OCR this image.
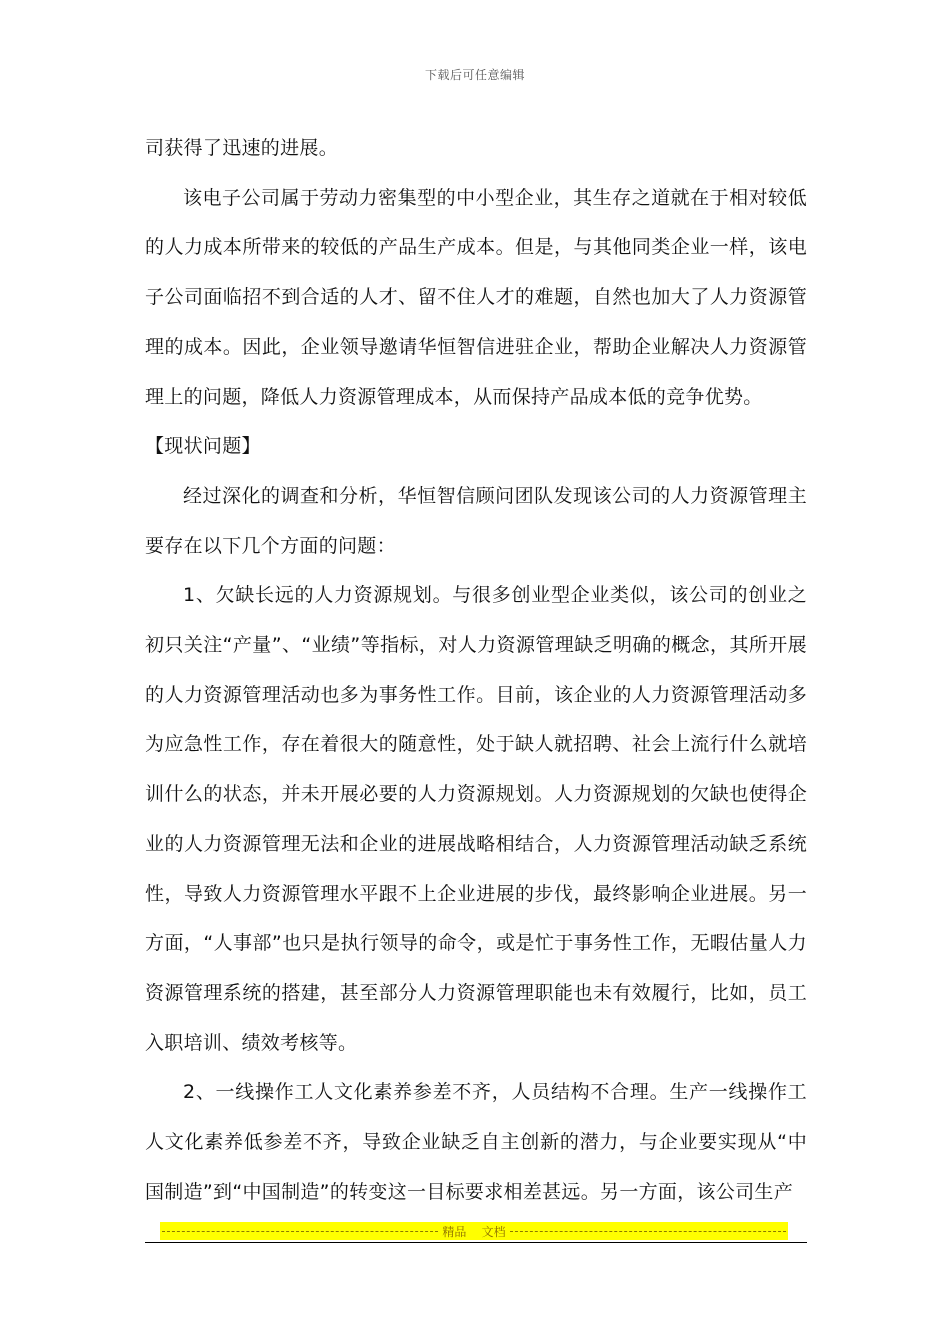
下载后可任意编辑

司获得了迅速的进展。

该电子公司属于劳动力密集型的中小型企业，其生存之道就在于相对较低的人力成本所带来的较低的产品生产成本。但是，与其他同类企业一样，该电子公司面临招不到合适的人才、留不住人才的难题，自然也加大了人力资源管理的成本。因此，企业领导邀请华恒智信进驻企业，帮助企业解决人力资源管理上的问题，降低人力资源管理成本，从而保持产品成本低的竞争优势。

【现状问题】

经过深化的调查和分析，华恒智信顾问团队发现该公司的人力资源管理主要存在以下几个方面的问题：

1、欠缺长远的人力资源规划。与很多创业型企业类似，该公司的创业之初只关注“产量”、“业绩”等指标，对人力资源管理缺乏明确的概念，其所开展的人力资源管理活动也多为事务性工作。目前，该企业的人力资源管理活动多为应急性工作，存在着很大的随意性，处于缺人就招聘、社会上流行什么就培训什么的状态，并未开展必要的人力资源规划。人力资源规划的欠缺也使得企业的人力资源管理无法和企业的进展战略相结合，人力资源管理活动缺乏系统性，导致人力资源管理水平跟不上企业进展的步伐，最终影响企业进展。另一方面，“人事部”也只是执行领导的命令，或是忙于事务性工作，无暇估量人力资源管理系统的搭建，甚至部分人力资源管理职能也未有效履行，比如，员工入职培训、绩效考核等。

2、一线操作工人文化素养参差不齐，人员结构不合理。生产一线操作工人文化素养低参差不齐，导致企业缺乏自主创新的潜力，与企业要实现从“中国制造”到“中国制造”的转变这一目标要求相差甚远。另一方面，该公司生产

精品    文档
